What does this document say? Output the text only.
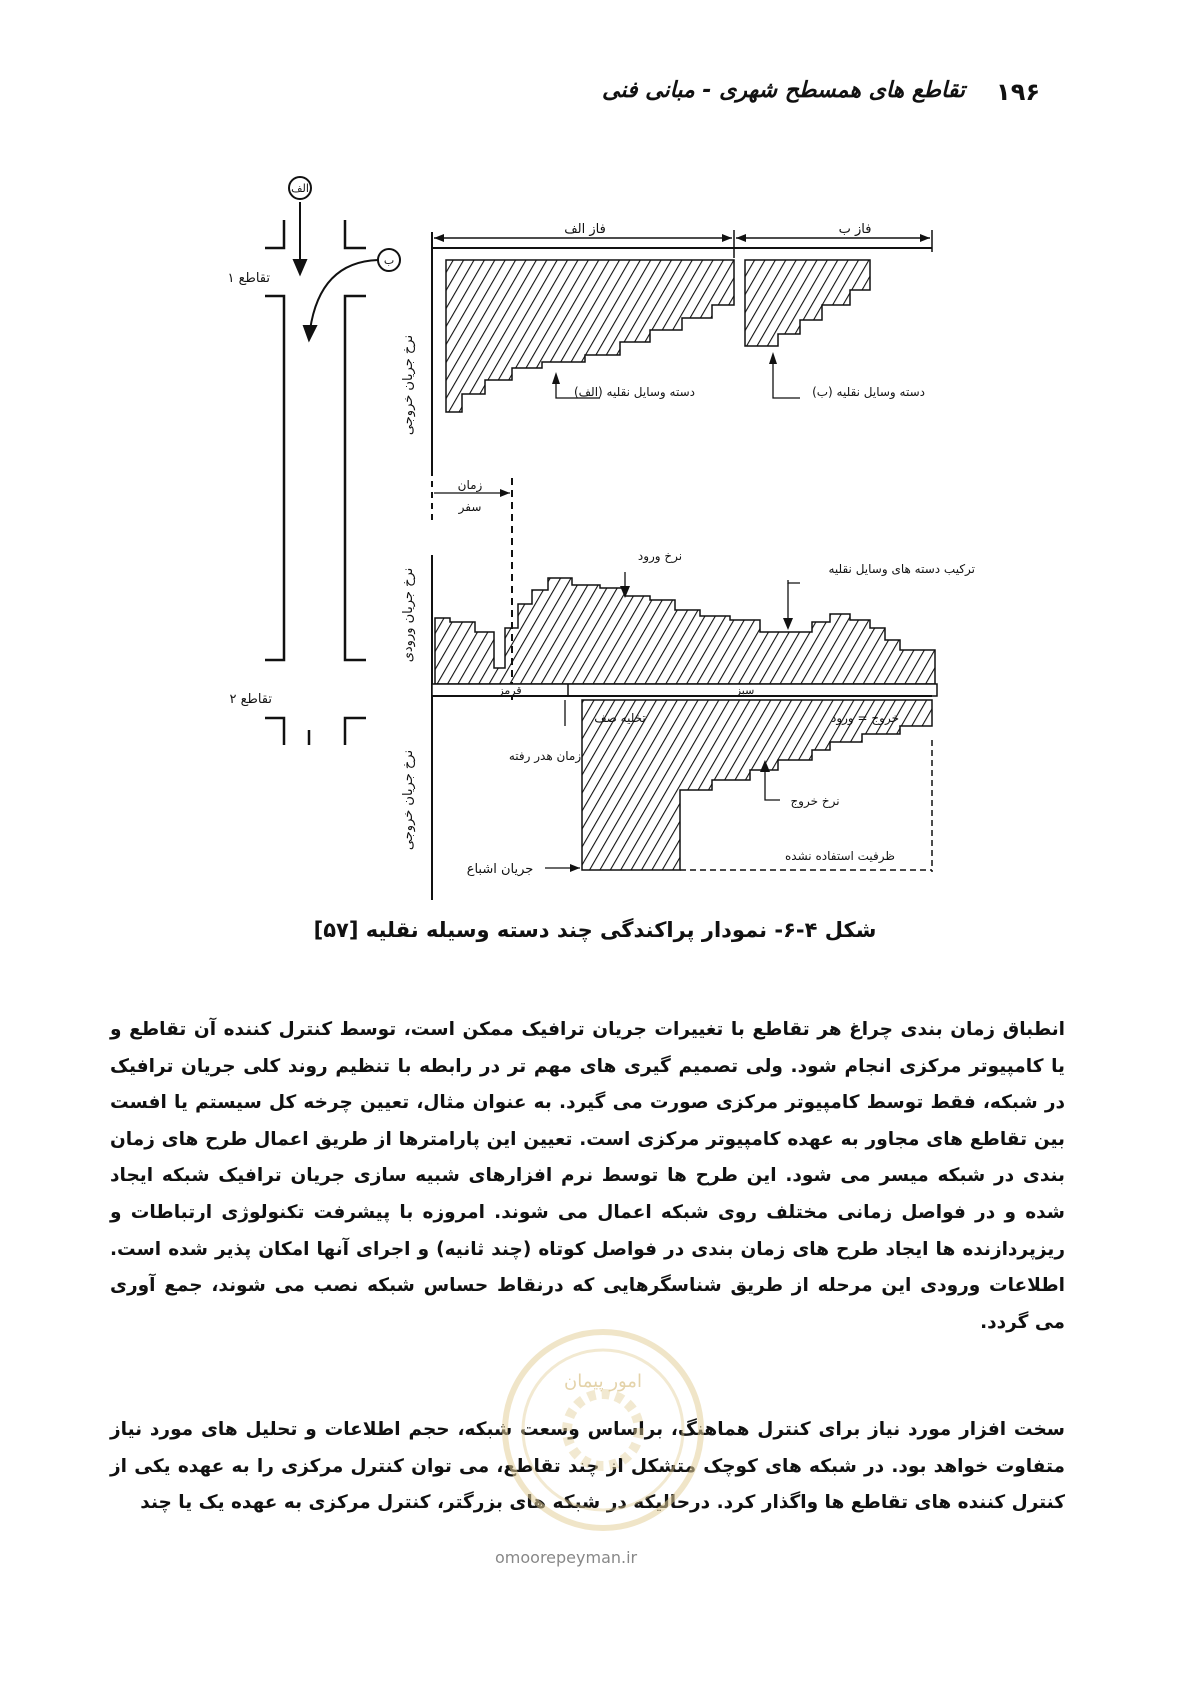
۱۹۶
تقاطع های همسطح شهری - مبانی فنی
الف
ب
تقاطع ۱
تقاطع ۲
فاز الف	فاز ب
دسته وسایل نقلیه (الف)	دسته وسایل نقلیه (ب)
نرخ جریان خروجی
زمان
سفر
قرمز	سبز
نرخ ورود
ترکیب دسته های وسایل نقلیه
نرخ جریان ورودی
تخلیه صف	خروج = ورود
زمان هدر رفته
نرخ خروج
ظرفیت استفاده نشده
جریان اشباع
نرخ جریان خروجی
شکل ۴-۶- نمودار پراکندگی چند دسته وسیله نقلیه [۵۷]

انطباق زمان بندی چراغ هر تقاطع با تغییرات جریان ترافیک ممکن است، توسط کنترل کننده آن تقاطع و یا کامپیوتر مرکزی انجام شود. ولی تصمیم گیری های مهم تر در رابطه با تنظیم روند کلی جریان ترافیک در شبکه، فقط توسط کامپیوتر مرکزی صورت می گیرد. به عنوان مثال، تعیین چرخه کل سیستم یا افست بین تقاطع های مجاور به عهده کامپیوتر مرکزی است. تعیین این پارامترها از طریق اعمال طرح های زمان بندی در شبکه میسر می شود. این طرح ها توسط نرم افزارهای شبیه سازی جریان ترافیک شبکه ایجاد شده و در فواصل زمانی مختلف روی شبکه اعمال می شوند. امروزه با پیشرفت تکنولوژی ارتباطات و ریزپردازنده ها ایجاد طرح های زمان بندی در فواصل کوتاه (چند ثانیه) و اجرای آنها امکان پذیر شده است. اطلاعات ورودی این مرحله از طریق شناسگرهایی که درنقاط حساس شبکه نصب می شوند، جمع آوری می گردد.

سخت افزار مورد نیاز برای کنترل هماهنگ، براساس وسعت شبکه، حجم اطلاعات و تحلیل های مورد نیاز متفاوت خواهد بود. در شبکه های کوچک متشکل از چند تقاطع، می توان کنترل مرکزی را به عهده یکی از کنترل کننده های تقاطع ها واگذار کرد. درحالیکه در شبکه های بزرگتر، کنترل مرکزی به عهده یک یا چند

امور پیمان
omoorepeyman.ir
